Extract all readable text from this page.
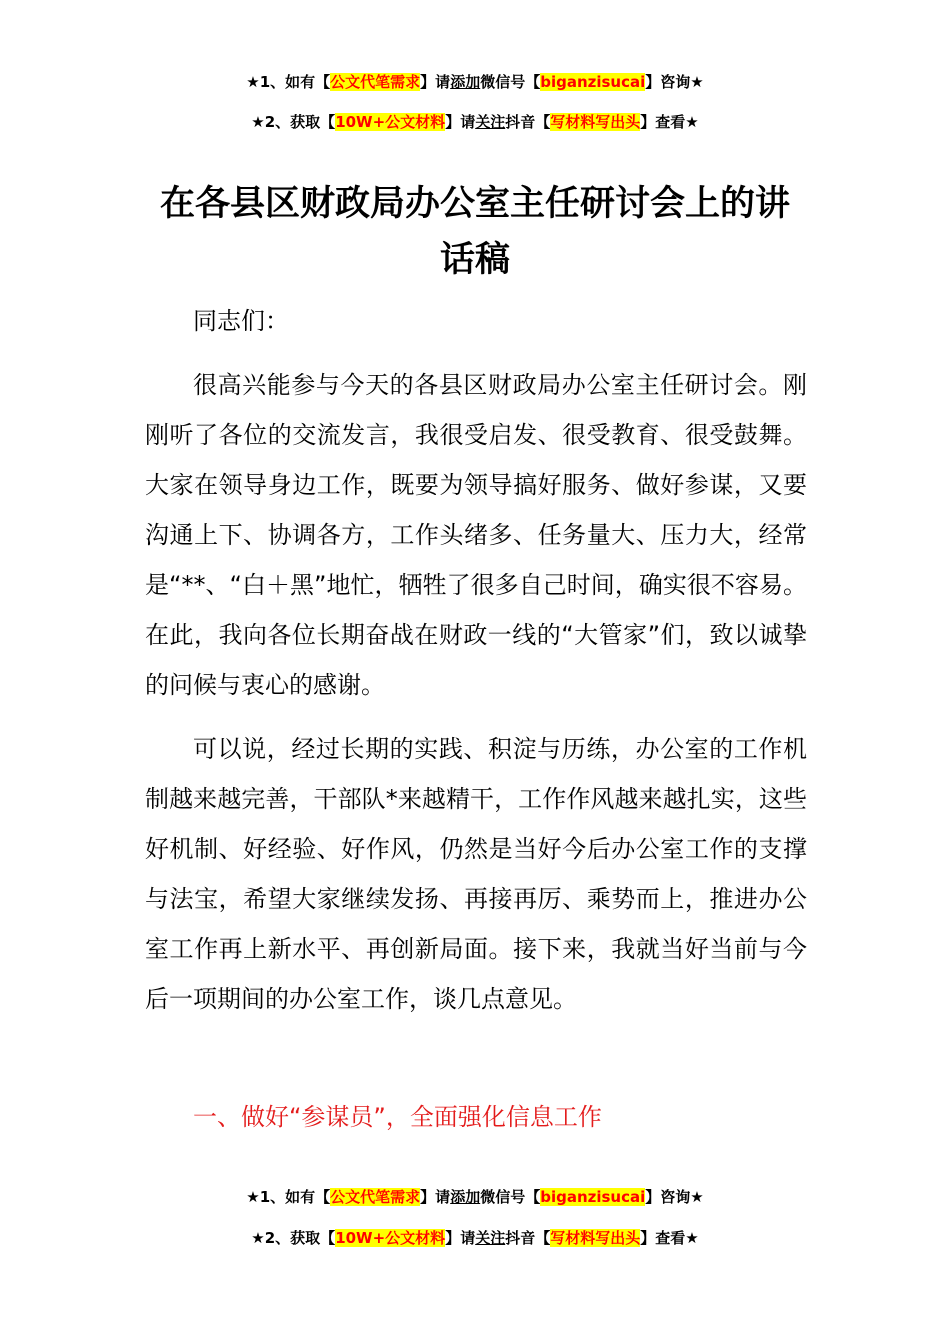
★1、如有【公文代笔需求】请添加微信号【biganzisucai】咨询★
★2、获取【10W+公文材料】请关注抖音【写材料写出头】查看★
在各县区财政局办公室主任研讨会上的讲话稿

同志们：

很高兴能参与今天的各县区财政局办公室主任研讨会。刚刚听了各位的交流发言，我很受启发、很受教育、很受鼓舞。大家在领导身边工作，既要为领导搞好服务、做好参谋，又要沟通上下、协调各方，工作头绪多、任务量大、压力大，经常是“**、“白＋黑”地忙，牺牲了很多自己时间，确实很不容易。在此，我向各位长期奋战在财政一线的“大管家”们，致以诚挚的问候与衷心的感谢。

可以说，经过长期的实践、积淀与历练，办公室的工作机制越来越完善，干部队*来越精干，工作作风越来越扎实，这些好机制、好经验、好作风，仍然是当好今后办公室工作的支撑与法宝，希望大家继续发扬、再接再厉、乘势而上，推进办公室工作再上新水平、再创新局面。接下来，我就当好当前与今后一项期间的办公室工作，谈几点意见。

一、做好“参谋员”，全面强化信息工作

★1、如有【公文代笔需求】请添加微信号【biganzisucai】咨询★
★2、获取【10W+公文材料】请关注抖音【写材料写出头】查看★
